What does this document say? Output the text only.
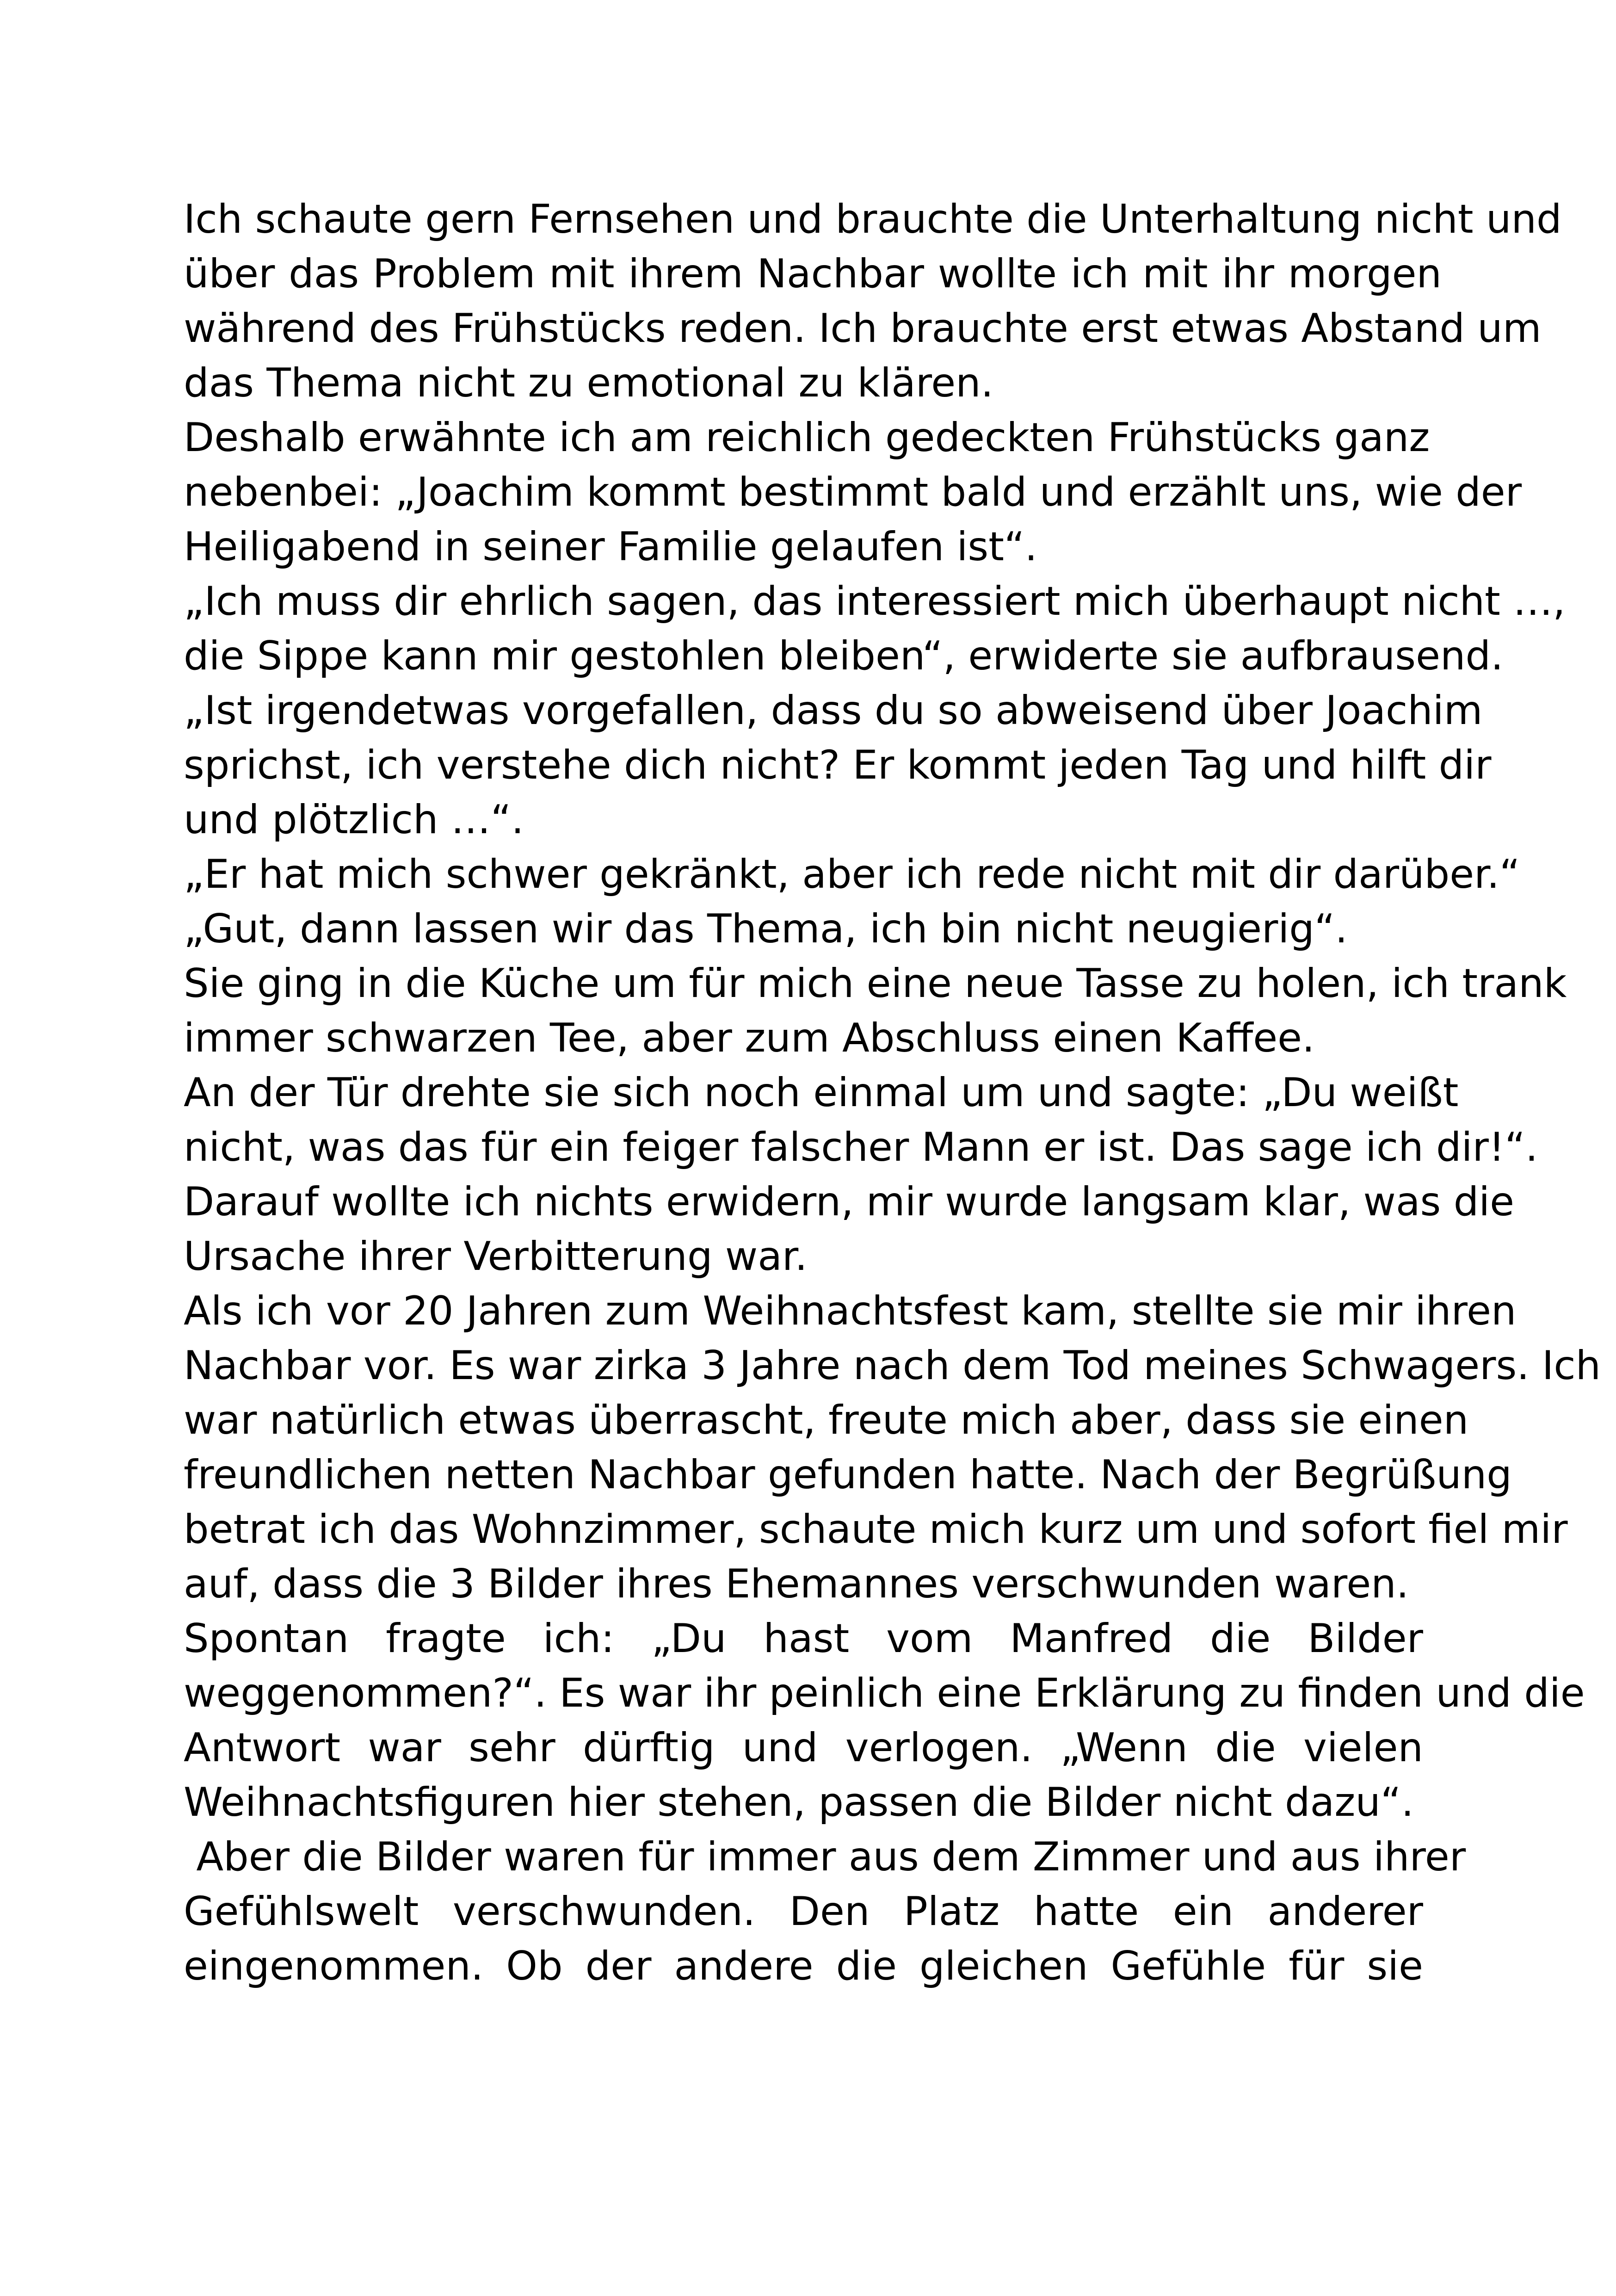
Ich schaute gern Fernsehen und brauchte die Unterhaltung nicht und
über das Problem mit ihrem Nachbar wollte ich mit ihr morgen
während des Frühstücks reden. Ich brauchte erst etwas Abstand um
das Thema nicht zu emotional zu klären.
Deshalb erwähnte ich am reichlich gedeckten Frühstücks ganz
nebenbei: „Joachim kommt bestimmt bald und erzählt uns, wie der
Heiligabend in seiner Familie gelaufen ist“.
„Ich muss dir ehrlich sagen, das interessiert mich überhaupt nicht …,
die Sippe kann mir gestohlen bleiben“, erwiderte sie aufbrausend.
„Ist irgendetwas vorgefallen, dass du so abweisend über Joachim
sprichst, ich verstehe dich nicht? Er kommt jeden Tag und hilft dir
und plötzlich …“.
„Er hat mich schwer gekränkt, aber ich rede nicht mit dir darüber.“
„Gut, dann lassen wir das Thema, ich bin nicht neugierig“.
Sie ging in die Küche um für mich eine neue Tasse zu holen, ich trank
immer schwarzen Tee, aber zum Abschluss einen Kaffee.
An der Tür drehte sie sich noch einmal um und sagte: „Du weißt
nicht, was das für ein feiger falscher Mann er ist. Das sage ich dir!“.
Darauf wollte ich nichts erwidern, mir wurde langsam klar, was die
Ursache ihrer Verbitterung war.
Als ich vor 20 Jahren zum Weihnachtsfest kam, stellte sie mir ihren
Nachbar vor. Es war zirka 3 Jahre nach dem Tod meines Schwagers. Ich
war natürlich etwas überrascht, freute mich aber, dass sie einen
freundlichen netten Nachbar gefunden hatte. Nach der Begrüßung
betrat ich das Wohnzimmer, schaute mich kurz um und sofort fiel mir
auf, dass die 3 Bilder ihres Ehemannes verschwunden waren.
Spontan fragte ich: „Du hast vom Manfred die Bilder
weggenommen?“. Es war ihr peinlich eine Erklärung zu finden und die
Antwort war sehr dürftig und verlogen. „Wenn die vielen
Weihnachtsfiguren hier stehen, passen die Bilder nicht dazu“.
Aber die Bilder waren für immer aus dem Zimmer und aus ihrer
Gefühlswelt verschwunden. Den Platz hatte ein anderer
eingenommen. Ob der andere die gleichen Gefühle für sie
